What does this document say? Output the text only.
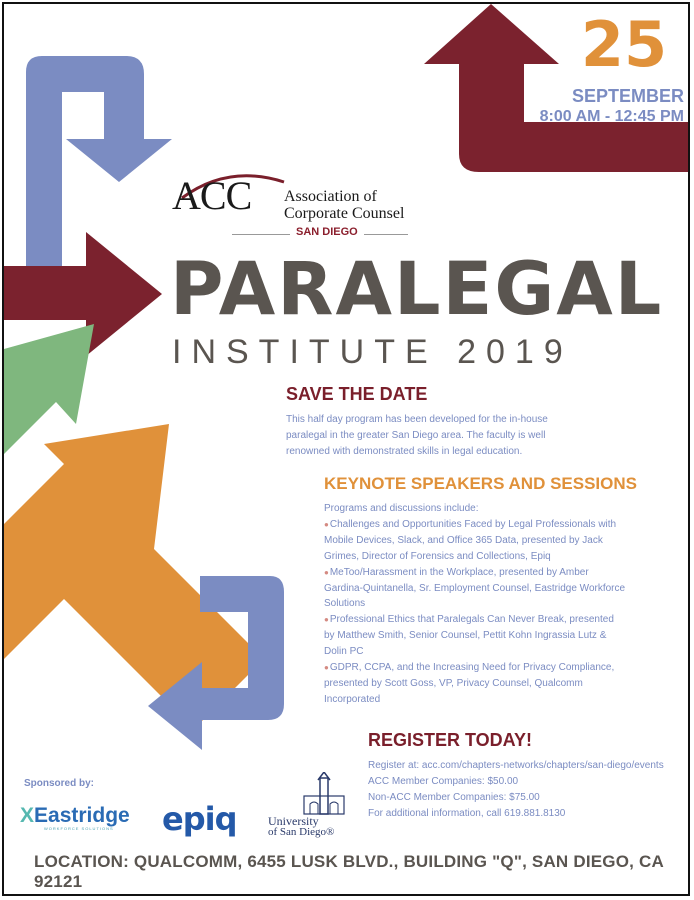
25
SEPTEMBER
8:00 AM - 12:45 PM
ACC Association of
Corporate Counsel
SAN DIEGO
PARALEGAL
INSTITUTE 2019
SAVE THE DATE
This half day program has been developed for the in-house
paralegal in the greater San Diego area. The faculty is well
renowned with demonstrated skills in legal education.
KEYNOTE SPEAKERS AND SESSIONS
Programs and discussions include:
● Challenges and Opportunities Faced by Legal Professionals with
Mobile Devices, Slack, and Office 365 Data, presented by Jack
Grimes, Director of Forensics and Collections, Epiq
● MeToo/Harassment in the Workplace, presented by Amber
Gardina-Quintanella, Sr. Employment Counsel, Eastridge Workforce
Solutions
● Professional Ethics that Paralegals Can Never Break, presented
by Matthew Smith, Senior Counsel, Pettit Kohn Ingrassia Lutz &
Dolin PC
● GDPR, CCPA, and the Increasing Need for Privacy Compliance,
presented by Scott Goss, VP, Privacy Counsel, Qualcomm
Incorporated
REGISTER TODAY!
Register at: acc.com/chapters-networks/chapters/san-diego/events
ACC Member Companies: $50.00
Non-ACC Member Companies: $75.00
For additional information, call 619.881.8130
Sponsored by:
XEastridge
WORKFORCE SOLUTIONS epiq	University
of San Diego®
LOCATION: QUALCOMM, 6455 LUSK BLVD., BUILDING "Q", SAN DIEGO, CA 92121
